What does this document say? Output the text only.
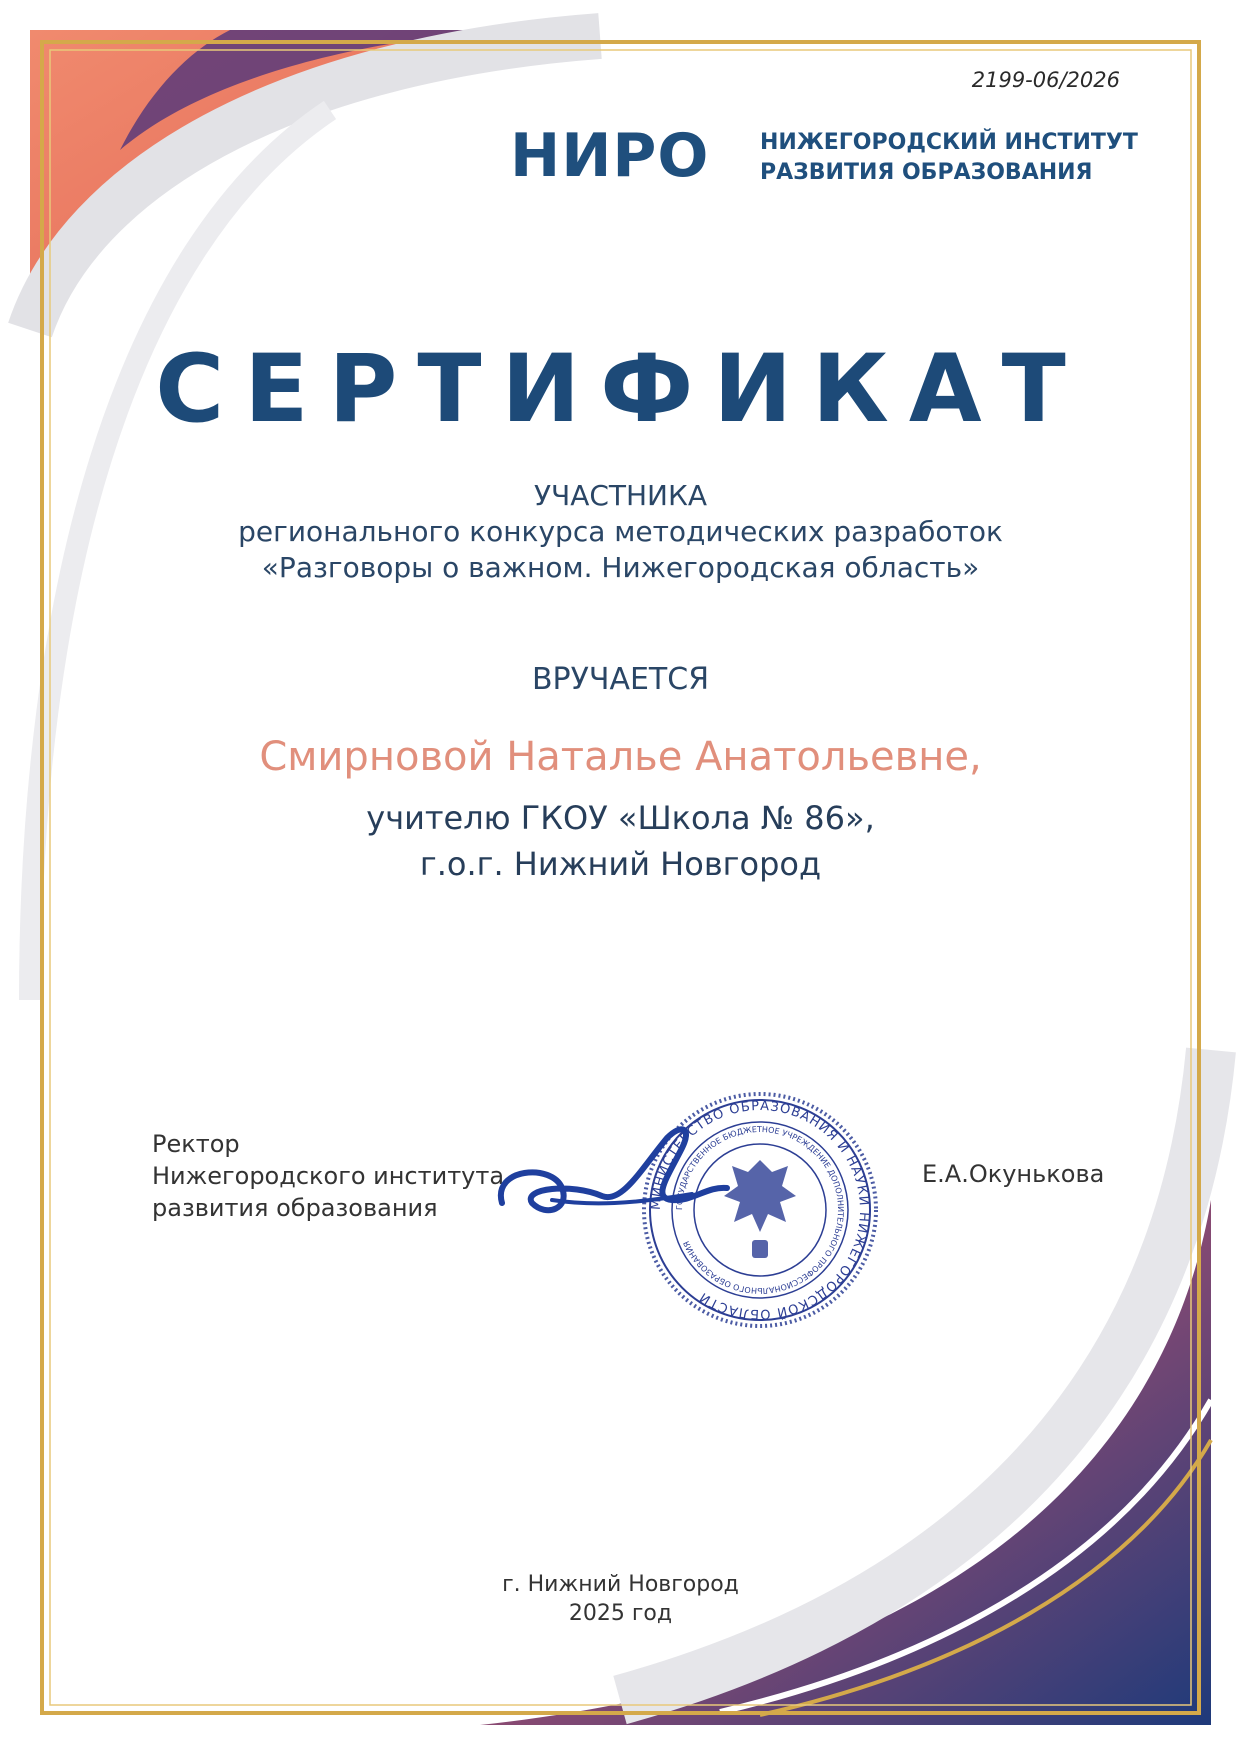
2199-06/2026
НИРО НИЖЕГОРОДСКИЙ ИНСТИТУТ
РАЗВИТИЯ ОБРАЗОВАНИЯ
СЕРТИФИКАТ
УЧАСТНИКА
регионального конкурса методических разработок
«Разговоры о важном. Нижегородская область»
ВРУЧАЕТСЯ
Смирновой Наталье Анатольевне,
учителю ГКОУ «Школа № 86»,
г.о.г. Нижний Новгород
Ректор
Нижегородского института
развития образования	МИНИСТЕРСТВО ОБРАЗОВАНИЯ И НАУКИ НИЖЕГОРОДСКОЙ ОБЛАСТИ
ГОСУДАРСТВЕННОЕ БЮДЖЕТНОЕ УЧРЕЖДЕНИЕ ДОПОЛНИТЕЛЬНОГО ПРОФЕССИОНАЛЬНОГO ОБРАЗОВАНИЯ
Е.А.Окунькова
г. Нижний Новгород
2025 год
